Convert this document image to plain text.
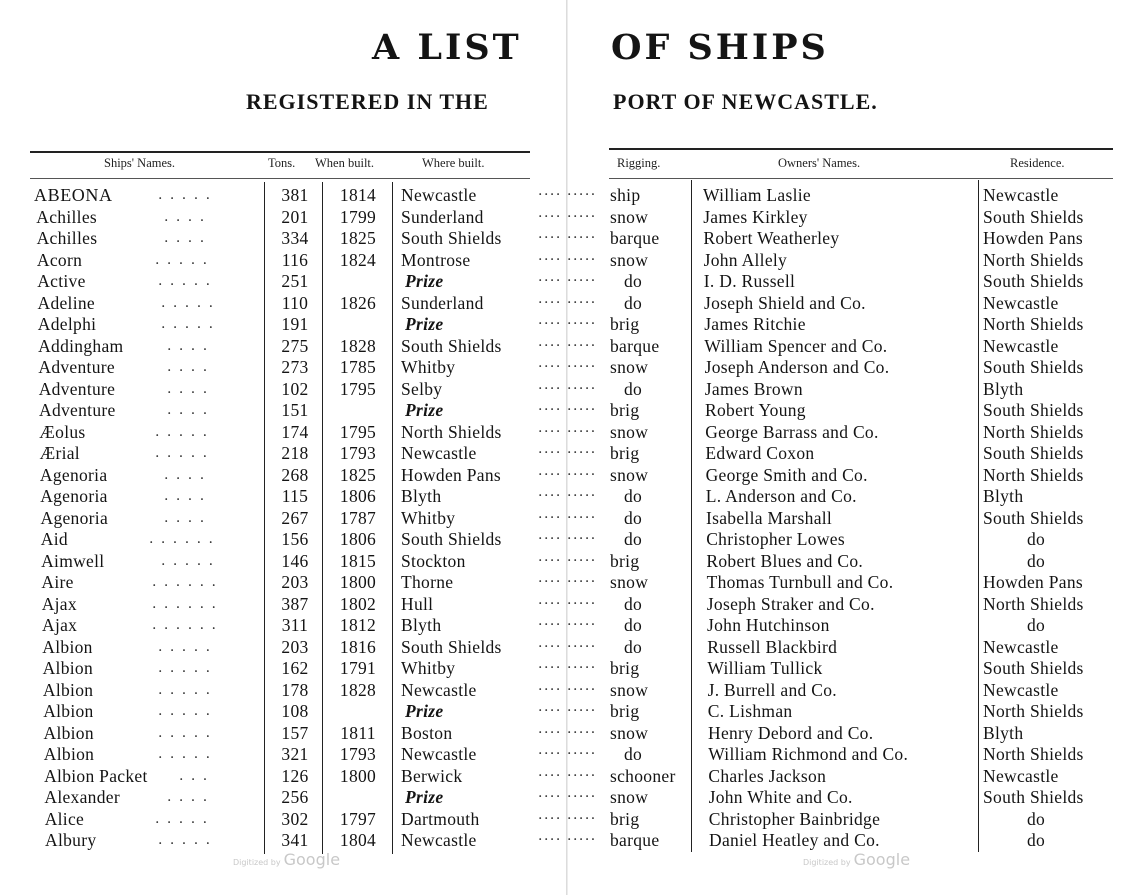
A LIST
REGISTERED IN THE
Ships' Names.	Tons. When built.	Where built.
ABEONA	. . . . .	381	1814	Newcastle	····
Achilles	. . . .	201	1799	Sunderland	····
Achilles	. . . .	334	1825	South Shields	····
Acorn	. . . . .	116	1824	Montrose	····
Active	. . . . .	251	Prize	····
Adeline	. . . . .	110	1826	Sunderland	····
Adelphi	. . . . .	191	Prize	····
Addingham	. . . .	275	1828	South Shields	····
Adventure	. . . .	273	1785	Whitby	····
Adventure	. . . .	102	1795	Selby	····
Adventure	. . . .	151	Prize	····
Æolus	. . . . .	174	1795	North Shields	····
Ærial	. . . . .	218	1793	Newcastle	····
Agenoria	. . . .	268	1825	Howden Pans	····
Agenoria	. . . .	115	1806	Blyth	····
Agenoria	. . . .	267	1787	Whitby	····
Aid	. . . . . .	156	1806	South Shields	····
Aimwell	. . . . .	146	1815	Stockton	····
Aire	. . . . . .	203	1800	Thorne	····
Ajax	. . . . . .	387	1802	Hull	····
Ajax	. . . . . .	311	1812	Blyth	····
Albion	. . . . .	203	1816	South Shields	····
Albion	. . . . .	162	1791	Whitby	····
Albion	. . . . .	178	1828	Newcastle	····
Albion	. . . . .	108	Prize	····
Albion	. . . . .	157	1811	Boston	····
Albion	. . . . .	321	1793	Newcastle	····
Albion Packet . . .	126	1800	Berwick	····
Alexander	. . . .	256	Prize	····
Alice	. . . . .	302	1797	Dartmouth	····
Albury	. . . . .	341	1804	Newcastle	····
Digitized by Google
OF SHIPS
PORT OF NEWCASTLE.
Rigging.	Owners' Names.	Residence.
····· ship	William Laslie	Newcastle
····· snow	James Kirkley	South Shields
····· barque	Robert Weatherley	Howden Pans
····· snow	John Allely	North Shields
····· do	I. D. Russell	South Shields
····· do	Joseph Shield and Co.	Newcastle
····· brig	James Ritchie	North Shields
····· barque	William Spencer and Co.	Newcastle
····· snow	Joseph Anderson and Co.	South Shields
····· do	James Brown	Blyth
····· brig	Robert Young	South Shields
····· snow	George Barrass and Co.	North Shields
····· brig	Edward Coxon	South Shields
····· snow	George Smith and Co.	North Shields
····· do	L. Anderson and Co.	Blyth
····· do	Isabella Marshall	South Shields
····· do	Christopher Lowes	do
····· brig	Robert Blues and Co.	do
····· snow	Thomas Turnbull and Co.	Howden Pans
····· do	Joseph Straker and Co.	North Shields
····· do	John Hutchinson	do
····· do	Russell Blackbird	Newcastle
····· brig	William Tullick	South Shields
····· snow	J. Burrell and Co.	Newcastle
····· brig	C. Lishman	North Shields
····· snow	Henry Debord and Co.	Blyth
····· do	William Richmond and Co.	North Shields
····· schooner Charles Jackson	Newcastle
····· snow	John White and Co.	South Shields
····· brig	Christopher Bainbridge	do
····· barque	Daniel Heatley and Co.	do
Digitized by Google
